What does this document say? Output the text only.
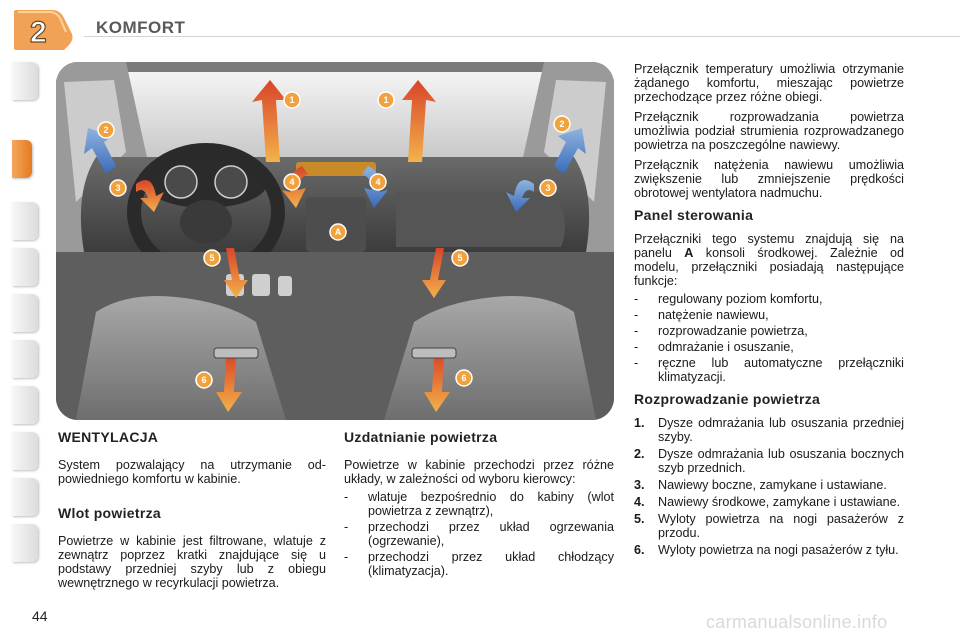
2	KOMFORT
1	1
2
2
3	3
4	4
A
5	5
6	6
WENTYLACJA

System pozwalający na utrzymanie odpowiedniego komfortu w kabinie.

Wlot powietrza

Powietrze w kabinie jest filtrowane, wlatuje z zewnątrz poprzez kratki znajdujące się u podstawy przedniej szyby lub z obiegu wewnętrznego w recyrkulacji powietrza.

Uzdatnianie powietrza

Powietrze w kabinie przechodzi przez różne układy, w zależności od wyboru kierowcy:

- wlatuje bezpośrednio do kabiny (wlot powietrza z zewnątrz),
- przechodzi przez układ ogrzewania (ogrzewanie),
- przechodzi przez układ chłodzący (klimatyzacja).

Przełącznik temperatury umożliwia otrzymanie żądanego komfortu, mieszając powietrze przechodzące przez różne obiegi.

Przełącznik rozprowadzania powietrza umożliwia podział strumienia rozprowadzanego powietrza na poszczególne nawiewy.

Przełącznik natężenia nawiewu umożliwia zwiększenie lub zmniejszenie prędkości obrotowej wentylatora nadmuchu.

Panel sterowania

Przełączniki tego systemu znajdują się na panelu A konsoli środkowej. Zależnie od modelu, przełączniki posiadają następujące funkcje:

- regulowany poziom komfortu,
- natężenie nawiewu,
- rozprowadzanie powietrza,
- odmrażanie i osuszanie,
- ręczne lub automatyczne przełączniki klimatyzacji.
Rozprowadzanie powietrza
1. Dysze odmrażania lub osuszania przedniej szyby.
2. Dysze odmrażania lub osuszania bocznych szyb przednich.
3. Nawiewy boczne, zamykane i ustawiane.
4. Nawiewy środkowe, zamykane i ustawiane.
5. Wyloty powietrza na nogi pasażerów z przodu.
6. Wyloty powietrza na nogi pasażerów z tyłu.
44	carmanualsonline.info
